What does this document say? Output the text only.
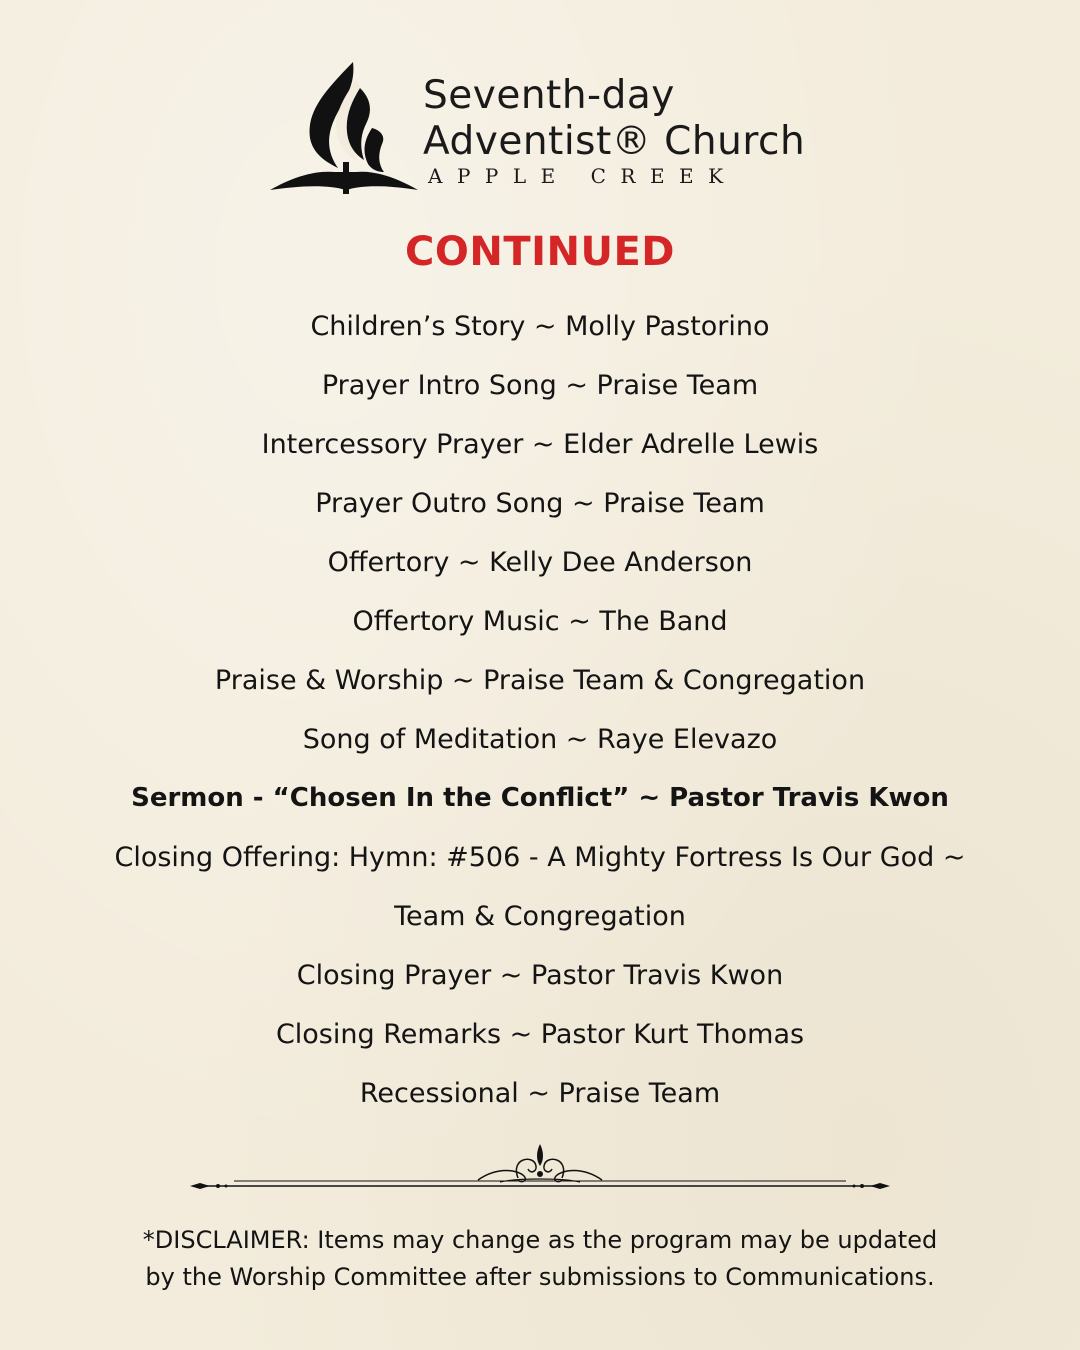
Seventh-day
Adventist® Church
APPLE CREEK
CONTINUED
Children’s Story ~ Molly Pastorino
Prayer Intro Song ~ Praise Team
Intercessory Prayer ~ Elder Adrelle Lewis
Prayer Outro Song ~ Praise Team
Offertory ~ Kelly Dee Anderson
Offertory Music ~ The Band
Praise & Worship ~ Praise Team & Congregation
Song of Meditation ~ Raye Elevazo
Sermon - “Chosen In the Conflict” ~ Pastor Travis Kwon
Closing Offering: Hymn: #506 - A Mighty Fortress Is Our God ~
Team & Congregation
Closing Prayer ~ Pastor Travis Kwon
Closing Remarks ~ Pastor Kurt Thomas
Recessional ~ Praise Team
*DISCLAIMER: Items may change as the program may be updated
by the Worship Committee after submissions to Communications.
